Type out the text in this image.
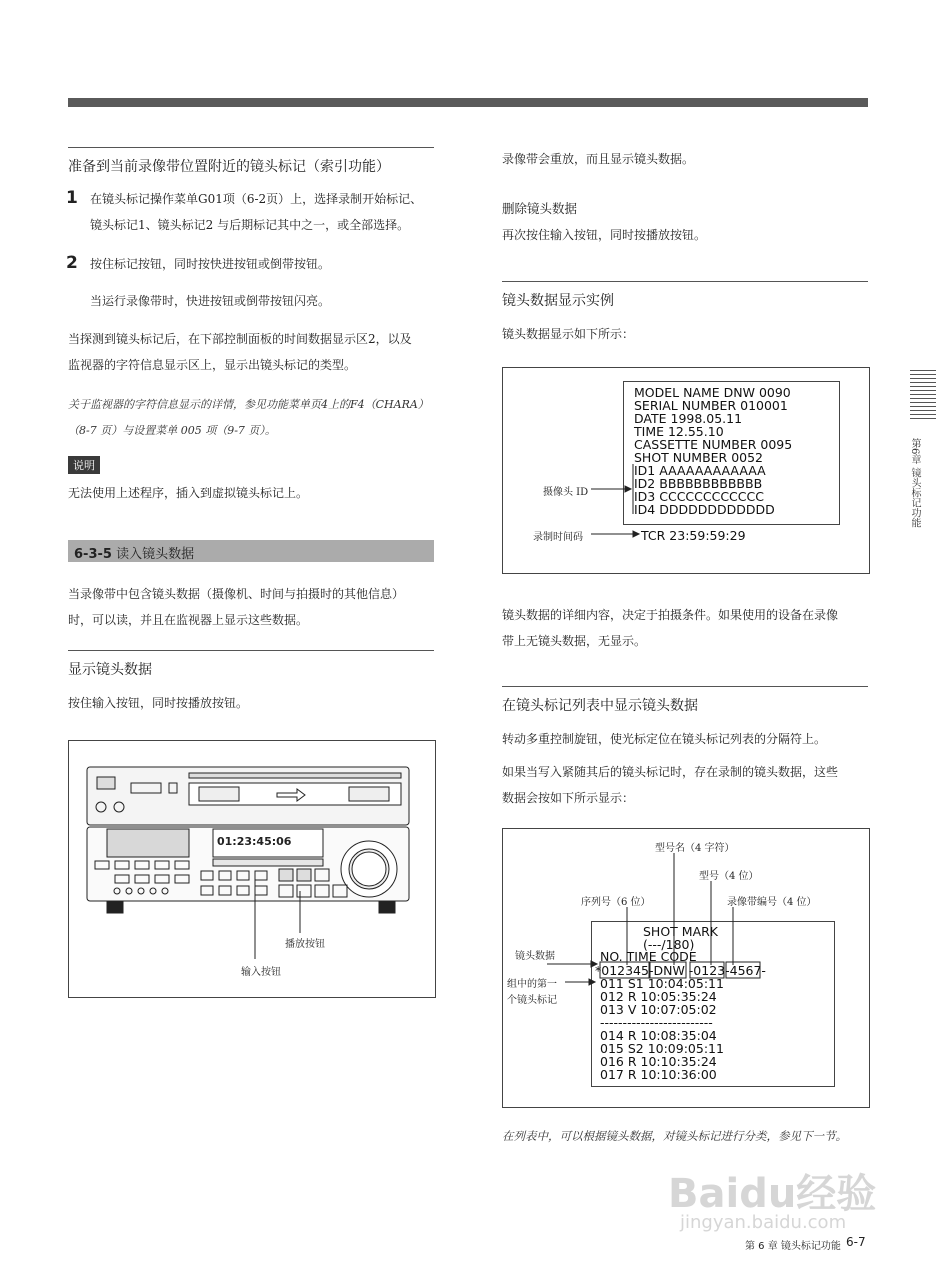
准备到当前录像带位置附近的镜头标记（索引功能）
1 在镜头标记操作菜单G01项（6-2页）上，选择录制开始标记、
镜头标记1、镜头标记2 与后期标记其中之一，或全部选择。
2 按住标记按钮，同时按快进按钮或倒带按钮。
当运行录像带时，快进按钮或倒带按钮闪亮。
当探测到镜头标记后，在下部控制面板的时间数据显示区2，以及
监视器的字符信息显示区上，显示出镜头标记的类型。
关于监视器的字符信息显示的详情，参见功能菜单页4上的F4（CHARA）
（8-7 页）与设置菜单 005 项（9-7 页）。
说明
无法使用上述程序，插入到虚拟镜头标记上。
6-3-5 读入镜头数据
当录像带中包含镜头数据（摄像机、时间与拍摄时的其他信息）
时，可以读，并且在监视器上显示这些数据。
显示镜头数据
按住输入按钮，同时按播放按钮。
01:23:45:06
播放按钮
输入按钮
录像带会重放，而且显示镜头数据。
删除镜头数据
再次按住输入按钮，同时按播放按钮。
镜头数据显示实例
镜头数据显示如下所示：
MODEL NAME DNW 0090
SERIAL NUMBER 010001
DATE 1998.05.11
TIME 12.55.10
CASSETTE NUMBER 0095
SHOT NUMBER 0052
ID1 AAAAAAAAAAAA
ID2 BBBBBBBBBBBB
ID3 CCCCCCCCCCCC
ID4 DDDDDDDDDDDD
TCR 23:59:59:29
摄像头 ID
录制时间码
镜头数据的详细内容，决定于拍摄条件。如果使用的设备在录像
带上无镜头数据，无显示。
在镜头标记列表中显示镜头数据
转动多重控制旋钮，使光标定位在镜头标记列表的分隔符上。
如果当写入紧随其后的镜头标记时，存在录制的镜头数据，这些
数据会按如下所示显示：
型号名（4 字符）
型号（4 位）
序列号（6 位）	录像带编号（4 位）
镜头数据
组中的第一
个镜头标记
SHOT MARK
(---/180)
NO. TIME CODE
*012345-DNW -0123-4567-
011 S1 10:04:05:11
012 R 10:05:35:24
013 V 10:07:05:02
-------------------------
014 R 10:08:35:04
015 S2 10:09:05:11
016 R 10:10:35:24
017 R 10:10:36:00
在列表中，可以根据镜头数据，对镜头标记进行分类，参见下一节。
第6章 镜头标记功能
Baidu经验
jingyan.baidu.com
第 6 章 镜头标记功能 6-7
